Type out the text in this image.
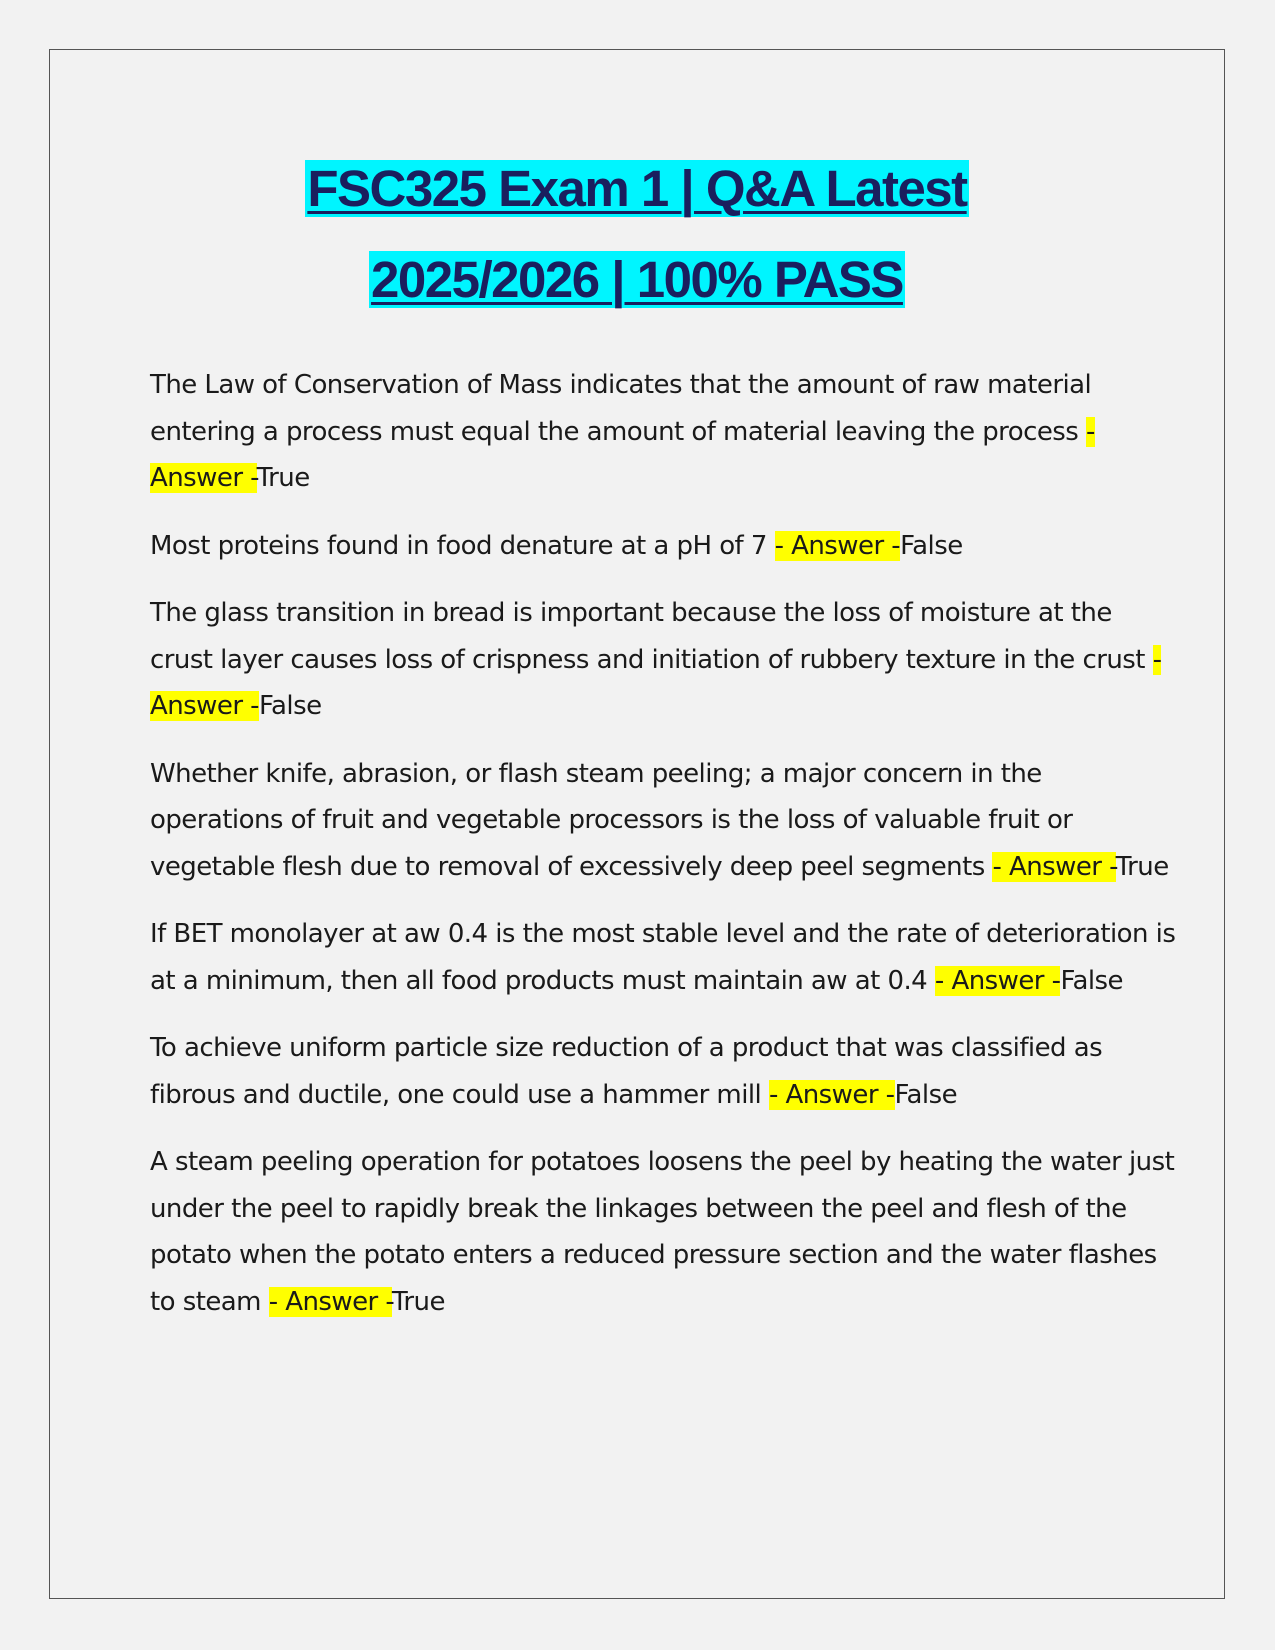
FSC325 Exam 1 | Q&A Latest
2025/2026 | 100% PASS

The Law of Conservation of Mass indicates that the amount of raw material entering a process must equal the amount of material leaving the process - Answer -True

Most proteins found in food denature at a pH of 7 - Answer -False

The glass transition in bread is important because the loss of moisture at the crust layer causes loss of crispness and initiation of rubbery texture in the crust - Answer -False

Whether knife, abrasion, or flash steam peeling; a major concern in the operations of fruit and vegetable processors is the loss of valuable fruit or vegetable flesh due to removal of excessively deep peel segments - Answer -True

If BET monolayer at aw 0.4 is the most stable level and the rate of deterioration is at a minimum, then all food products must maintain aw at 0.4 - Answer -False

To achieve uniform particle size reduction of a product that was classified as fibrous and ductile, one could use a hammer mill - Answer -False

A steam peeling operation for potatoes loosens the peel by heating the water just under the peel to rapidly break the linkages between the peel and flesh of the potato when the potato enters a reduced pressure section and the water flashes to steam - Answer -True
